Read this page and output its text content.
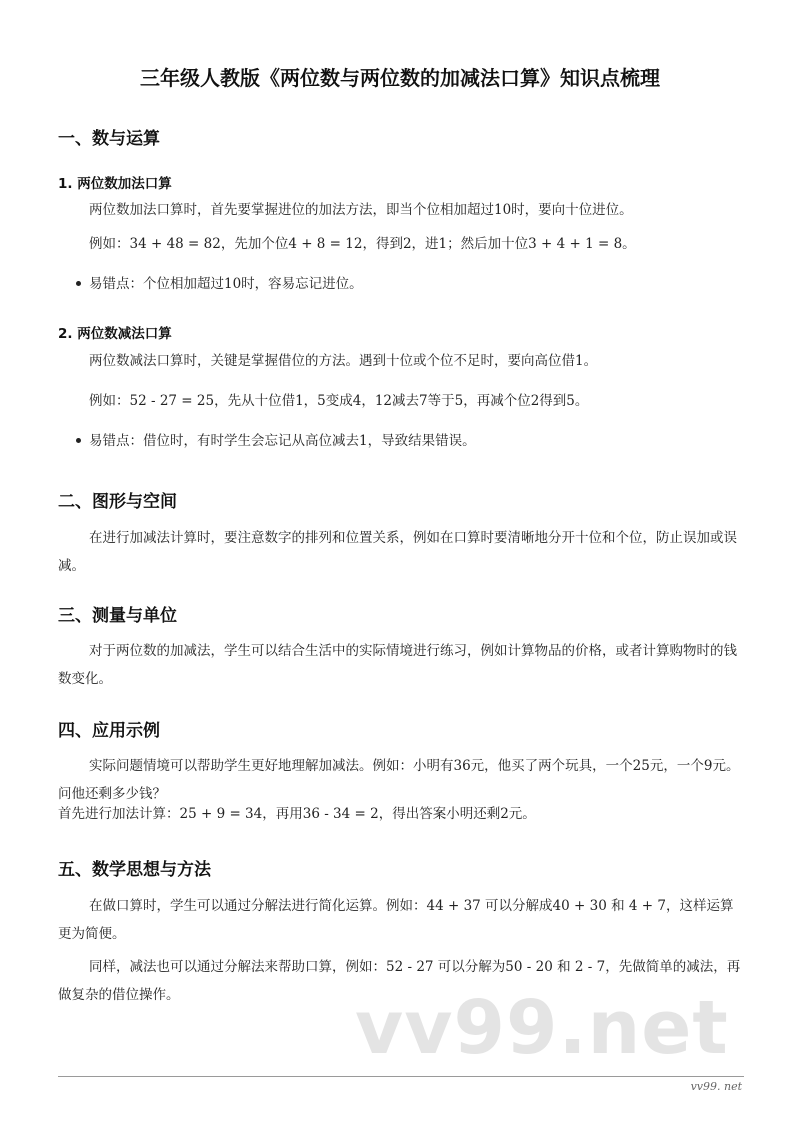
三年级人教版《两位数与两位数的加减法口算》知识点梳理
一、数与运算
1. 两位数加法口算
两位数加法口算时，首先要掌握进位的加法方法，即当个位相加超过10时，要向十位进位。
例如：34 + 48 = 82，先加个位4 + 8 = 12，得到2，进1；然后加十位3 + 4 + 1 = 8。
易错点：个位相加超过10时，容易忘记进位。
2. 两位数减法口算
两位数减法口算时，关键是掌握借位的方法。遇到十位或个位不足时，要向高位借1。
例如：52 - 27 = 25，先从十位借1，5变成4，12减去7等于5，再减个位2得到5。
易错点：借位时，有时学生会忘记从高位减去1，导致结果错误。
二、图形与空间
在进行加减法计算时，要注意数字的排列和位置关系，例如在口算时要清晰地分开十位和个位，防止误加或误减。
三、测量与单位
对于两位数的加减法，学生可以结合生活中的实际情境进行练习，例如计算物品的价格，或者计算购物时的钱数变化。
四、应用示例
实际问题情境可以帮助学生更好地理解加减法。例如：小明有36元，他买了两个玩具，一个25元，一个9元。问他还剩多少钱？
首先进行加法计算：25 + 9 = 34，再用36 - 34 = 2，得出答案小明还剩2元。
五、数学思想与方法
在做口算时，学生可以通过分解法进行简化运算。例如：44 + 37 可以分解成40 + 30 和 4 + 7，这样运算更为简便。
同样，减法也可以通过分解法来帮助口算，例如：52 - 27 可以分解为50 - 20 和 2 - 7，先做简单的减法，再做复杂的借位操作。	vv99.net
vv99. net
